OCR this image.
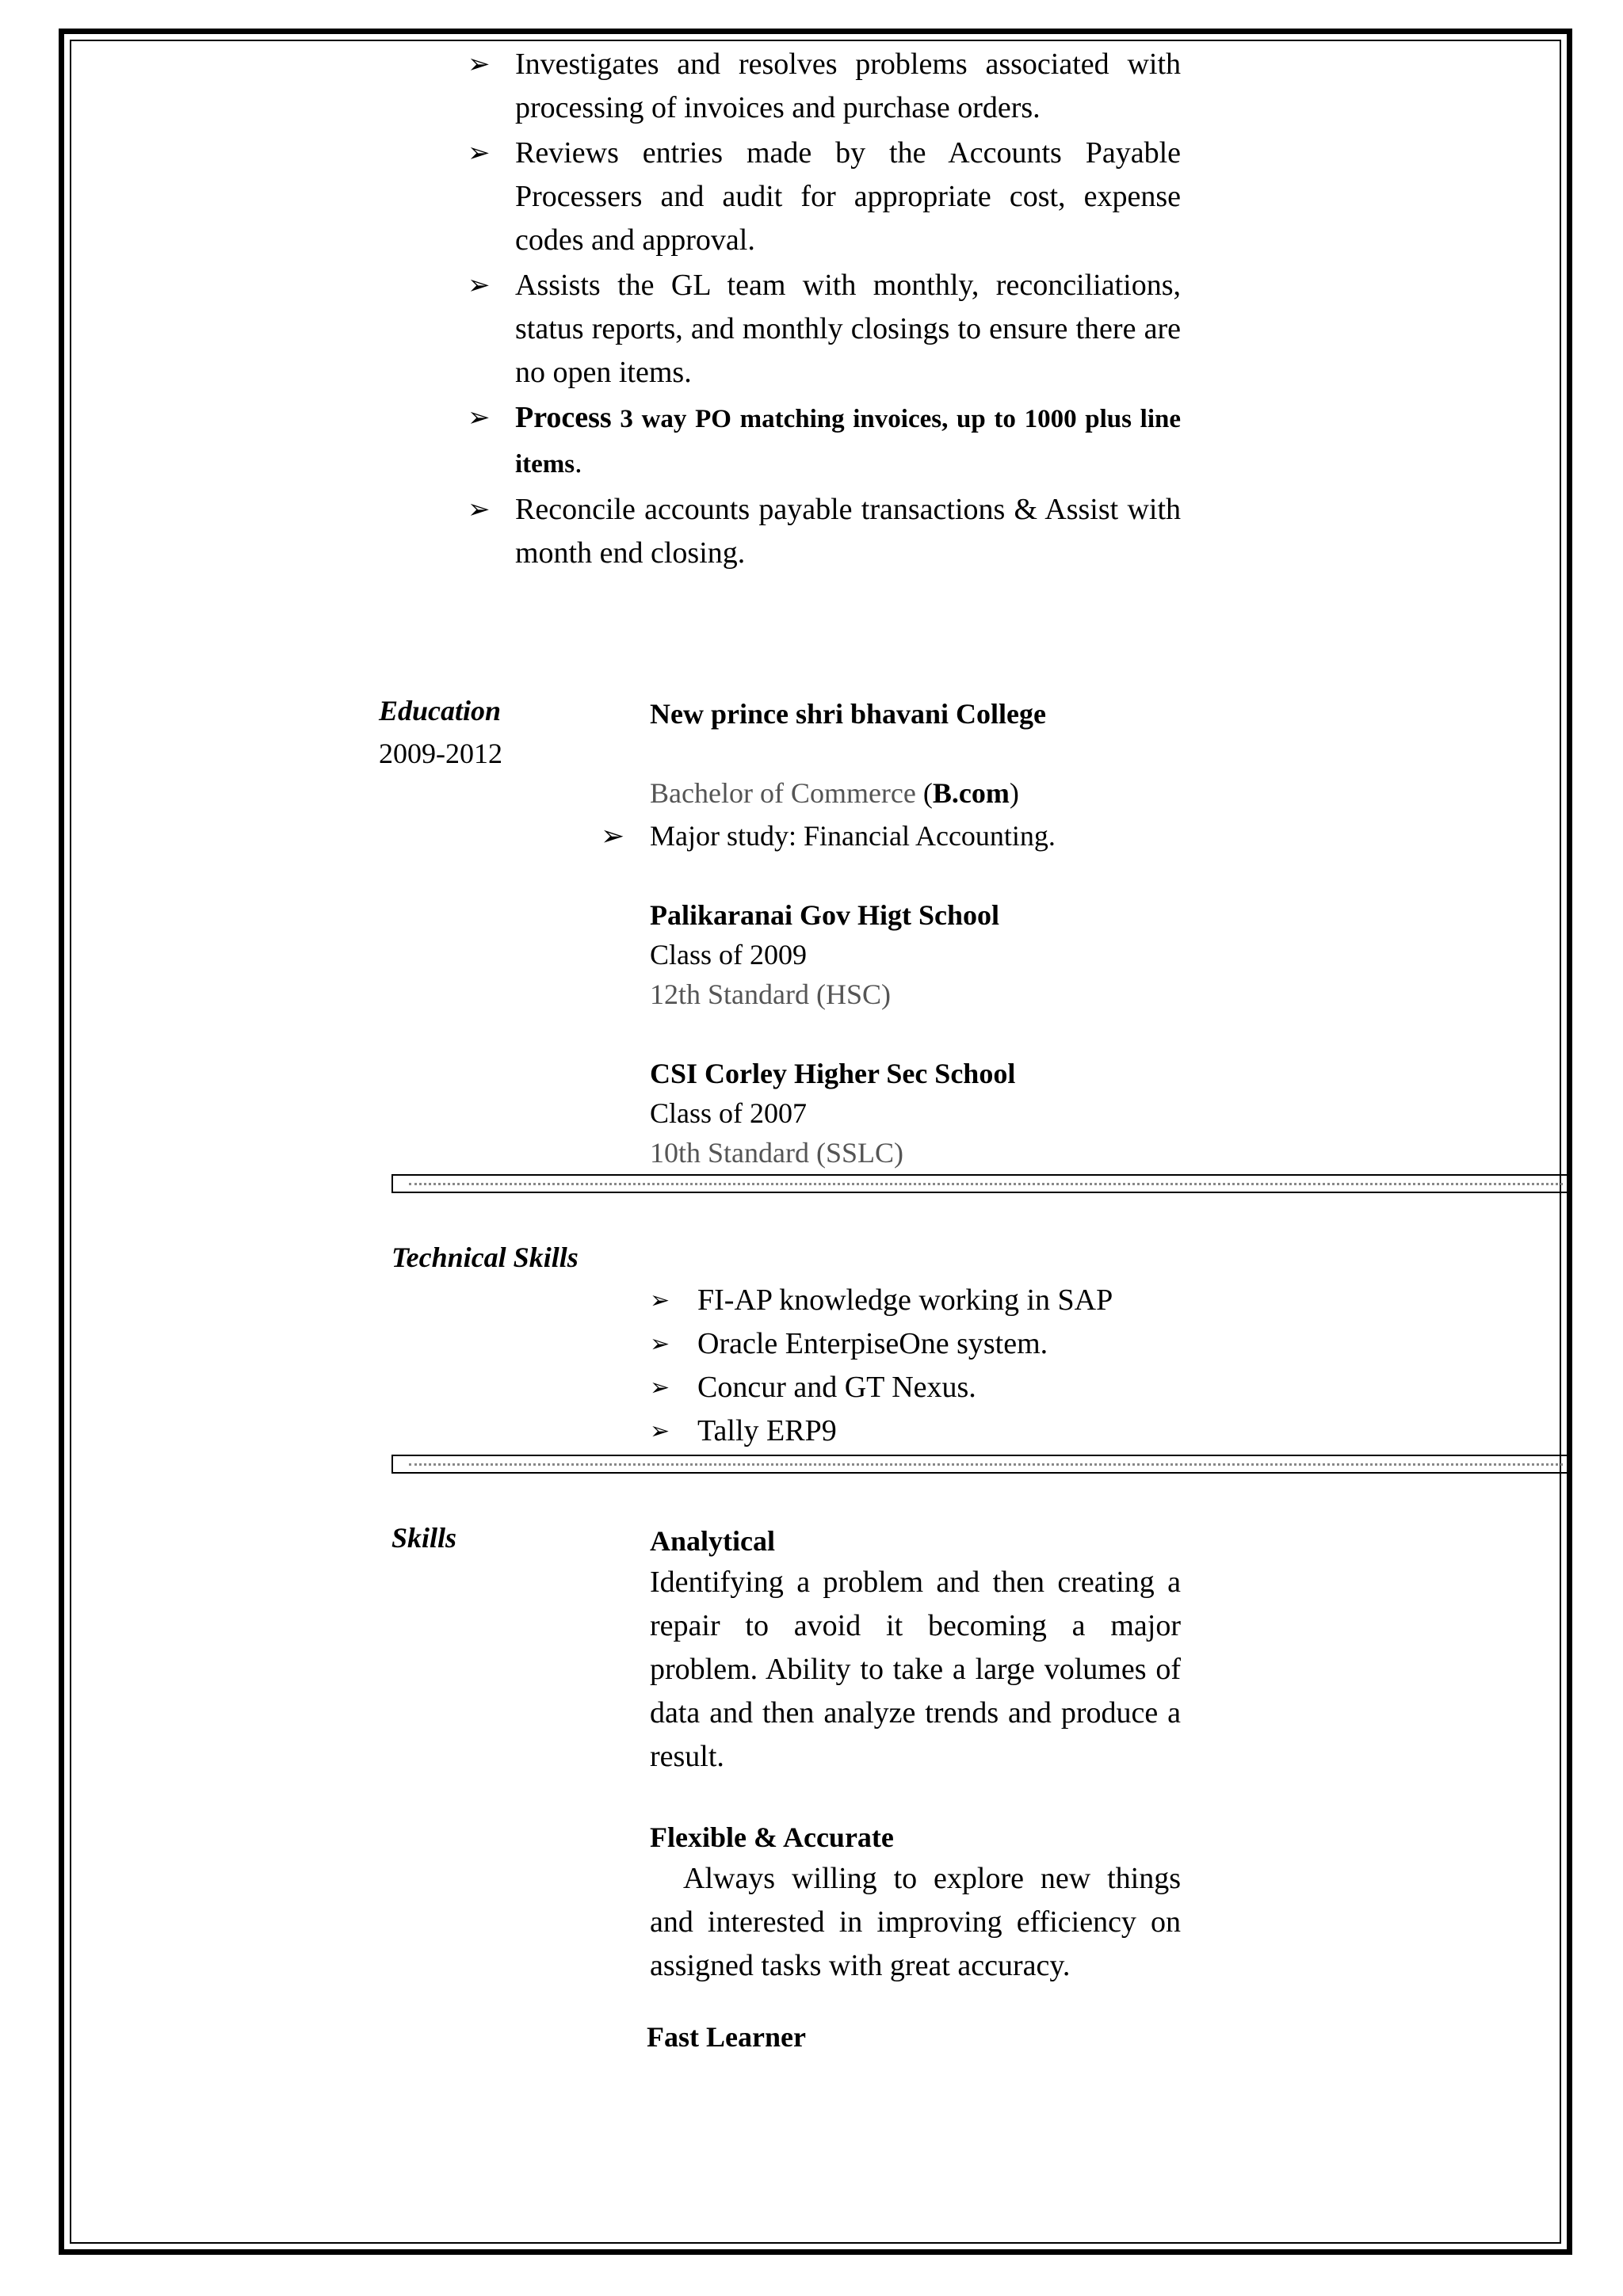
➢ Investigates and resolves problems associated with processing of invoices and purchase orders.
➢ Reviews entries made by the Accounts Payable Processers and audit for appropriate cost, expense codes and approval.
➢ Assists the GL team with monthly, reconciliations, status reports, and monthly closings to ensure there are no open items.
➢ Process 3 way PO matching invoices, up to 1000 plus line items.
➢ Reconcile accounts payable transactions & Assist with month end closing.
Education
2009-2012
New prince shri bhavani College
Bachelor of Commerce (B.com)
➢ Major study: Financial Accounting.
Palikaranai Gov Higt School
Class of 2009
12th Standard (HSC)
CSI Corley Higher Sec School
Class of 2007
10th Standard (SSLC)
Technical Skills
➢ FI-AP knowledge working in SAP
➢ Oracle EnterpiseOne system.
➢ Concur and GT Nexus.
➢ Tally ERP9
Skills	Analytical

Identifying a problem and then creating a repair to avoid it becoming a major problem. Ability to take a large volumes of data and then analyze trends and produce a result.

Flexible & Accurate

Always willing to explore new things and interested in improving efficiency on assigned tasks with great accuracy.

Fast Learner
